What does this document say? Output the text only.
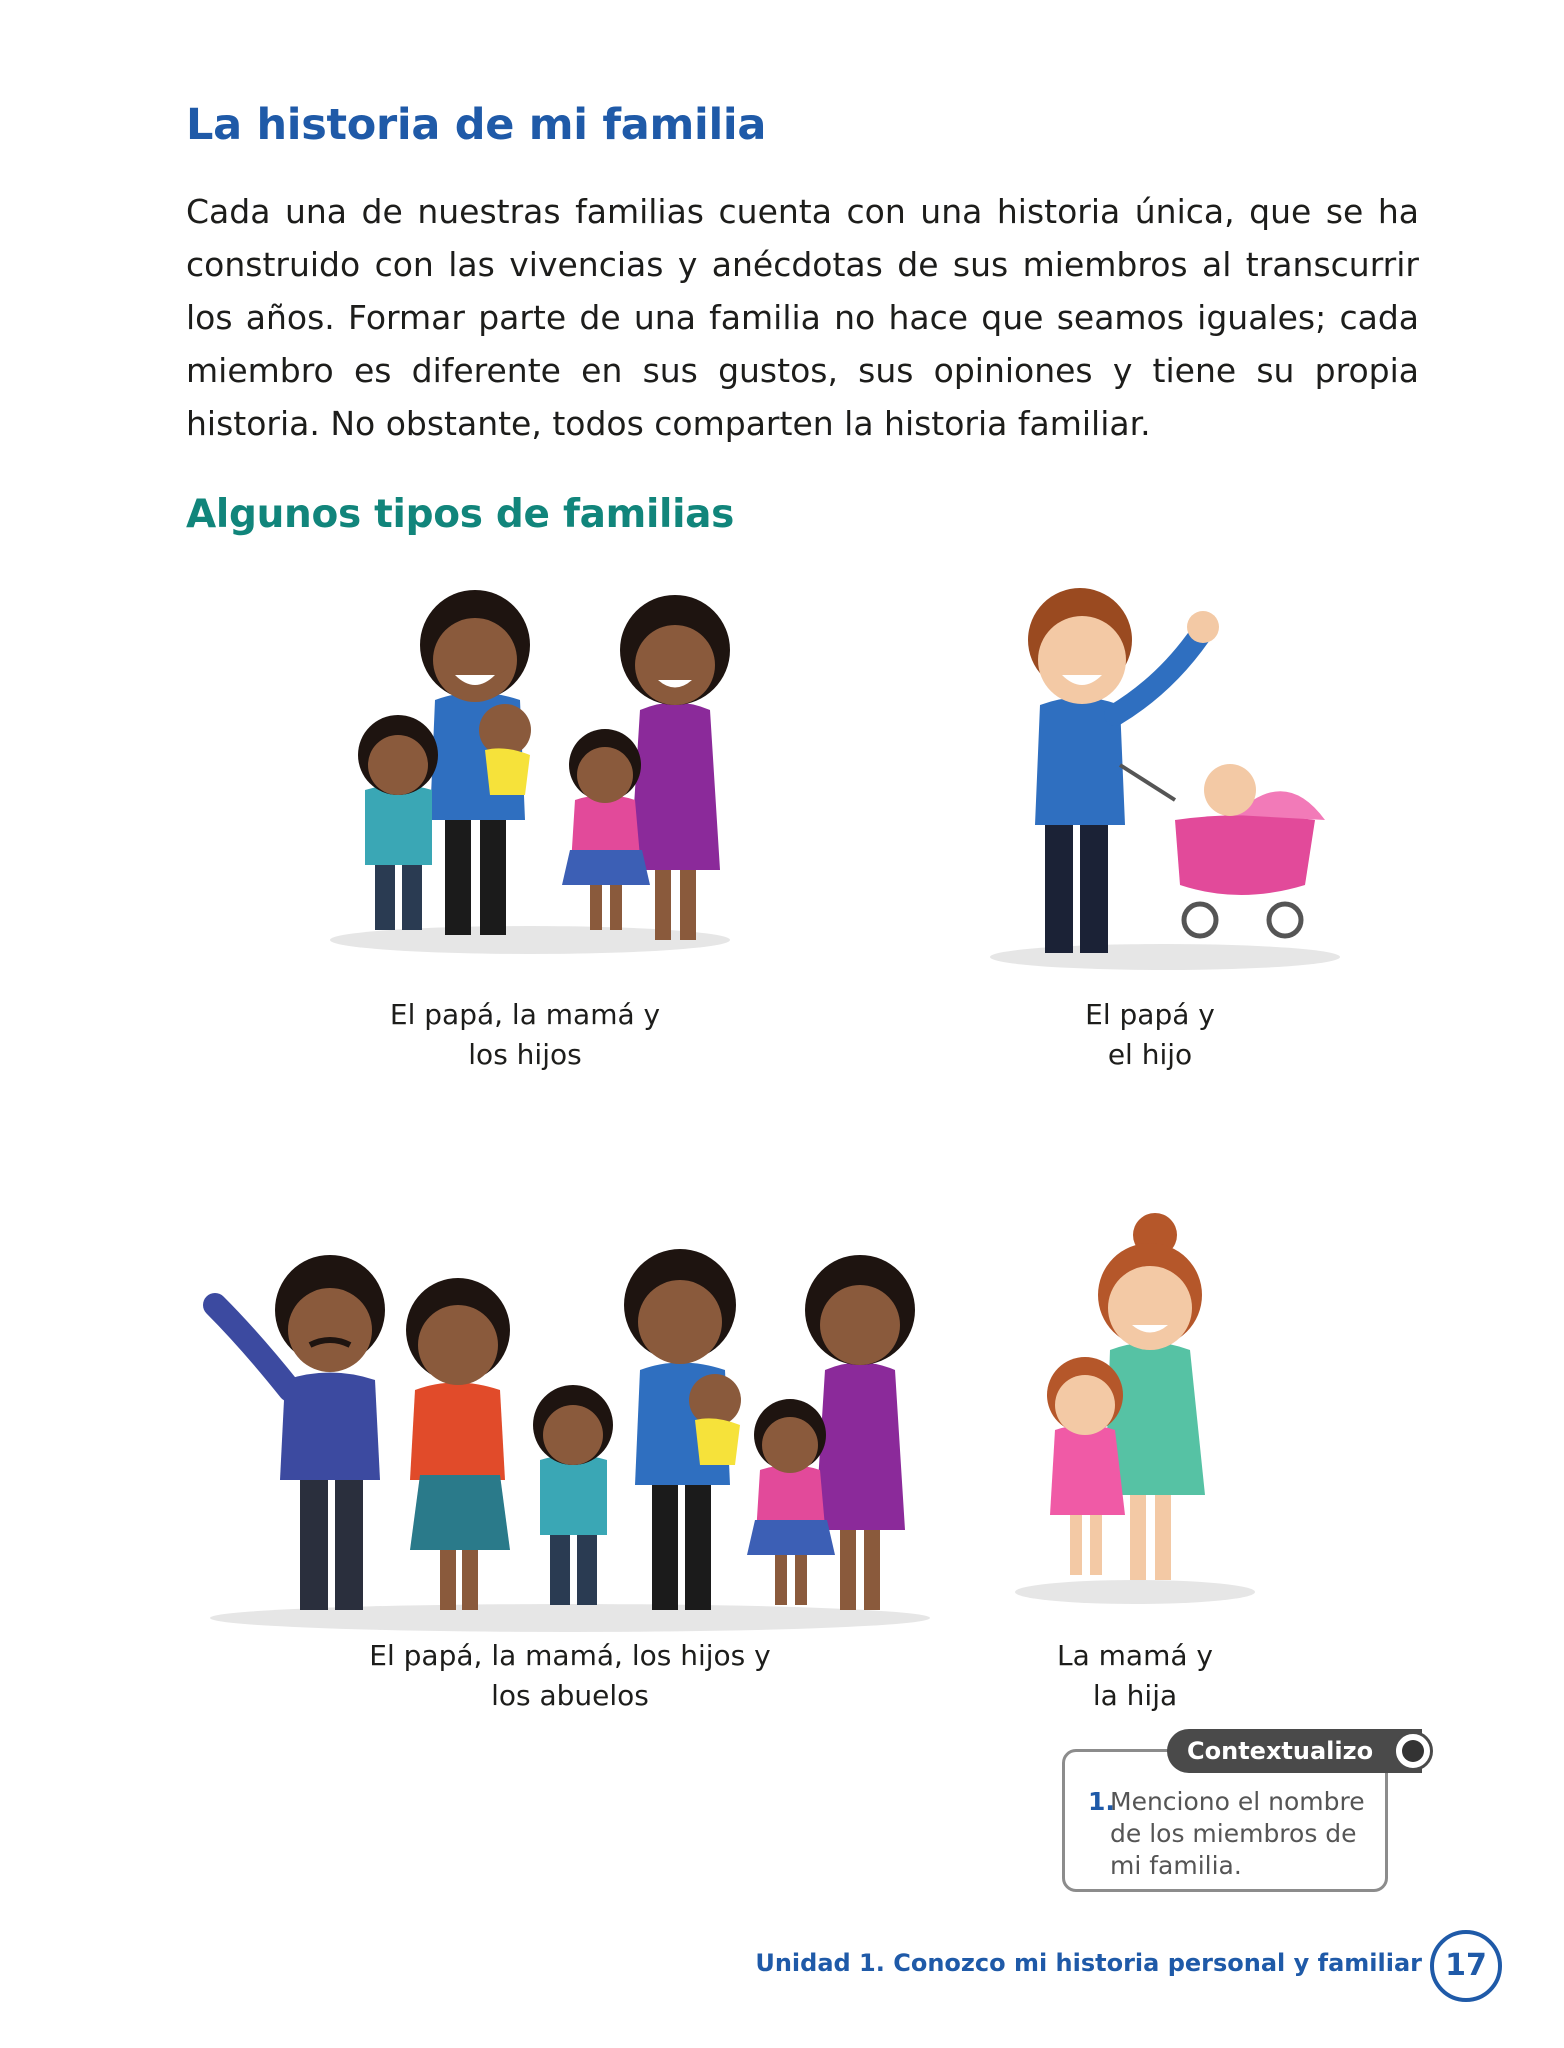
La historia de mi familia

Cada una de nuestras familias cuenta con una historia única, que se ha construido con las vivencias y anécdotas de sus miembros al transcurrir los años. Formar parte de una familia no hace que seamos iguales; cada miembro es diferente en sus gustos, sus opiniones y tiene su propia historia. No obstante, todos comparten la historia familiar.

Algunos tipos de familias
El papá, la mamá y
los hijos
El papá y
el hijo
El papá, la mamá, los hijos y
los abuelos
La mamá y
la hija
Contextualizo
1.
Menciono el nombre
de los miembros de
mi familia.
Unidad 1. Conozco mi historia personal y familiar 17
